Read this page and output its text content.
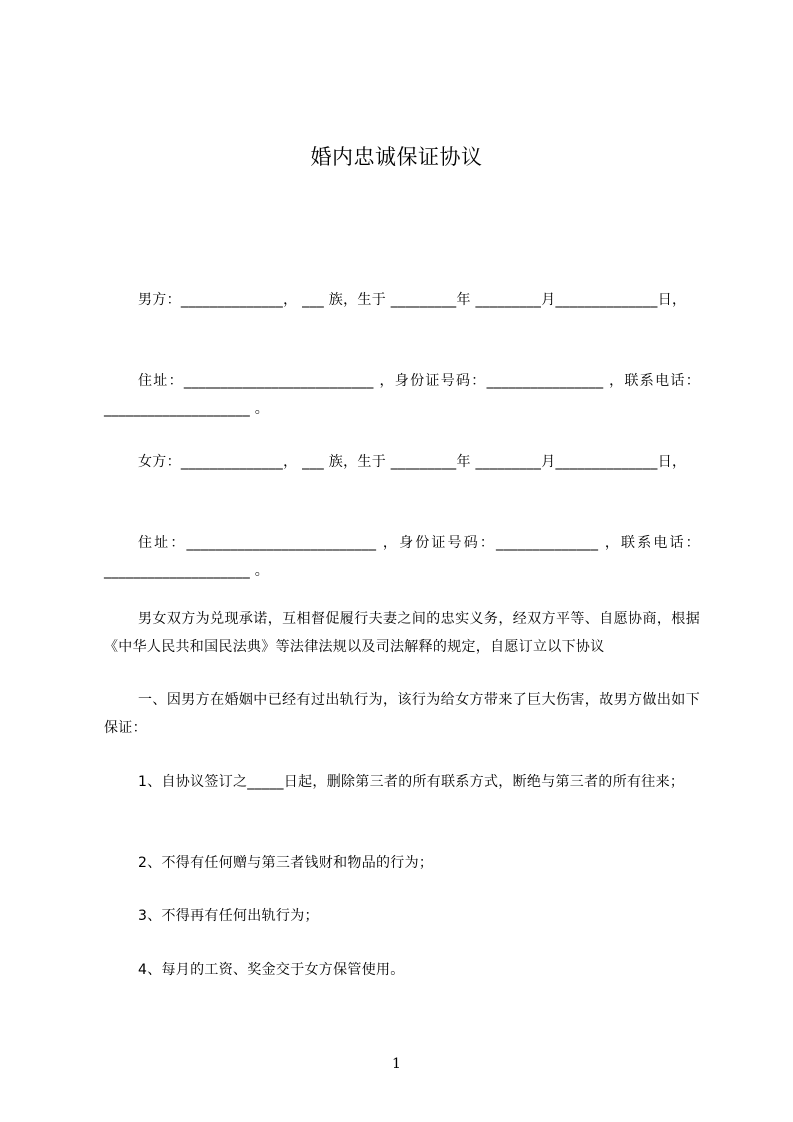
婚内忠诚保证协议
男方：______________， ___ 族，生于 _________年 _________月______________日，
住址：__________________________ ，身份证号码：________________ ，联系电话：____________________ 。
女方：______________， ___ 族，生于 _________年 _________月______________日，
住址：__________________________ ，身份证号码：______________ ，联系电话：____________________ 。
男女双方为兑现承诺，互相督促履行夫妻之间的忠实义务，经双方平等、自愿协商，根据《中华人民共和国民法典》等法律法规以及司法解释的规定，自愿订立以下协议
一、因男方在婚姻中已经有过出轨行为，该行为给女方带来了巨大伤害，故男方做出如下保证：
1、自协议签订之_____日起，删除第三者的所有联系方式，断绝与第三者的所有往来；
2、不得有任何赠与第三者钱财和物品的行为；
3、不得再有任何出轨行为；
4、每月的工资、奖金交于女方保管使用。
1
